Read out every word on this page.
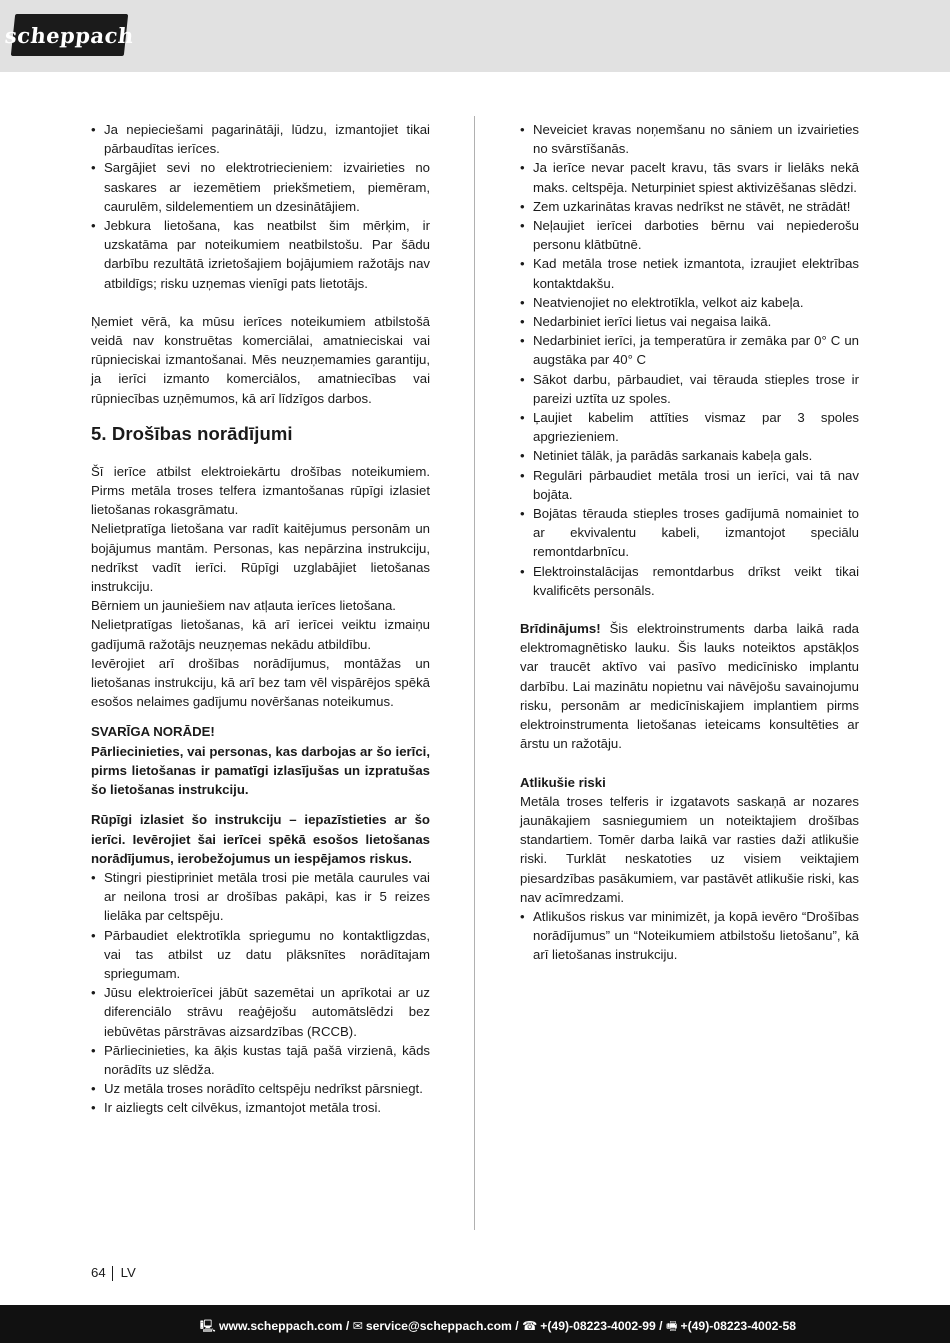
scheppach
• Ja nepieciešami pagarinātāji, lūdzu, izmantojiet tikai pārbaudītas ierīces.
• Sargājiet sevi no elektrotriecieniem: izvairieties no saskares ar iezemētiem priekšmetiem, piemēram, caurulēm, sildelementiem un dzesinātājiem.
• Jebkura lietošana, kas neatbilst šim mērķim, ir uzskatāma par noteikumiem neatbilstošu. Par šādu darbību rezultātā izrietošajiem bojājumiem ražotājs nav atbildīgs; risku uzņemas vienīgi pats lietotājs.

Ņemiet vērā, ka mūsu ierīces noteikumiem atbilstošā veidā nav konstruētas komerciālai, amatnieciskai vai rūpnieciskai izmantošanai. Mēs neuzņemamies garantiju, ja ierīci izmanto komerciālos, amatniecības vai rūpniecības uzņēmumos, kā arī līdzīgos darbos.

5. Drošības norādījumi

Šī ierīce atbilst elektroiekārtu drošības noteikumiem. Pirms metāla troses telfera izmantošanas rūpīgi izlasiet lietošanas rokasgrāmatu.

Nelietpratīga lietošana var radīt kaitējumus personām un bojājumus mantām. Personas, kas nepārzina instrukciju, nedrīkst vadīt ierīci. Rūpīgi uzglabājiet lietošanas instrukciju.

Bērniem un jauniešiem nav atļauta ierīces lietošana.

Nelietpratīgas lietošanas, kā arī ierīcei veiktu izmaiņu gadījumā ražotājs neuzņemas nekādu atbildību.

Ievērojiet arī drošības norādījumus, montāžas un lietošanas instrukciju, kā arī bez tam vēl vispārējos spēkā esošos nelaimes gadījumu novēršanas noteikumus.

SVARĪGA NORĀDE!

Pārliecinieties, vai personas, kas darbojas ar šo ierīci, pirms lietošanas ir pamatīgi izlasījušas un izpratušas šo lietošanas instrukciju.

Rūpīgi izlasiet šo instrukciju – iepazīstieties ar šo ierīci. Ievērojiet šai ierīcei spēkā esošos lietošanas norādījumus, ierobežojumus un iespējamos riskus.

• Stingri piestipriniet metāla trosi pie metāla caurules vai ar neilona trosi ar drošības pakāpi, kas ir 5 reizes lielāka par celtspēju.
• Pārbaudiet elektrotīkla spriegumu no kontaktligzdas, vai tas atbilst uz datu plāksnītes norādītajam spriegumam.
• Jūsu elektroierīcei jābūt sazemētai un aprīkotai ar uz diferenciālo strāvu reaģējošu automātslēdzi bez iebūvētas pārstrāvas aizsardzības (RCCB).
• Pārliecinieties, ka āķis kustas tajā pašā virzienā, kāds norādīts uz slēdža.
• Uz metāla troses norādīto celtspēju nedrīkst pārsniegt.
• Ir aizliegts celt cilvēkus, izmantojot metāla trosi.
• Neveiciet kravas noņemšanu no sāniem un izvairieties no svārstīšanās.
• Ja ierīce nevar pacelt kravu, tās svars ir lielāks nekā maks. celtspēja. Neturpiniet spiest aktivizēšanas slēdzi.
• Zem uzkarinātas kravas nedrīkst ne stāvēt, ne strādāt!
• Neļaujiet ierīcei darboties bērnu vai nepiederošu personu klātbūtnē.
• Kad metāla trose netiek izmantota, izraujiet elektrības kontaktdakšu.
• Neatvienojiet no elektrotīkla, velkot aiz kabeļa.
• Nedarbiniet ierīci lietus vai negaisa laikā.
• Nedarbiniet ierīci, ja temperatūra ir zemāka par 0° C un augstāka par 40° C
• Sākot darbu, pārbaudiet, vai tērauda stieples trose ir pareizi uztīta uz spoles.
• Ļaujiet kabelim attīties vismaz par 3 spoles apgriezieniem.
• Netiniet tālāk, ja parādās sarkanais kabeļa gals.
• Regulāri pārbaudiet metāla trosi un ierīci, vai tā nav bojāta.
• Bojātas tērauda stieples troses gadījumā nomainiet to ar ekvivalentu kabeli, izmantojot speciālu remontdarbnīcu.
• Elektroinstalācijas remontdarbus drīkst veikt tikai kvalificēts personāls.

Brīdinājums! Šis elektroinstruments darba laikā rada elektromagnētisko lauku. Šis lauks noteiktos apstākļos var traucēt aktīvo vai pasīvo medicīnisko implantu darbību. Lai mazinātu nopietnu vai nāvējošu savainojumu risku, personām ar medicīniskajiem implantiem pirms elektroinstrumenta lietošanas ieteicams konsultēties ar ārstu un ražotāju.

Atlikušie riski

Metāla troses telferis ir izgatavots saskaņā ar nozares jaunākajiem sasniegumiem un noteiktajiem drošības standartiem. Tomēr darba laikā var rasties daži atlikušie riski. Turklāt neskatoties uz visiem veiktajiem piesardzības pasākumiem, var pastāvēt atlikušie riski, kas nav acīmredzami.

• Atlikušos riskus var minimizēt, ja kopā ievēro “Drošības norādījumus” un “Noteikumiem atbilstošu lietošanu”, kā arī lietošanas instrukciju.
64 LV
🖳 www.scheppach.com / ✉ service@scheppach.com / ☎ +(49)-08223-4002-99 / 🖷 +(49)-08223-4002-58
